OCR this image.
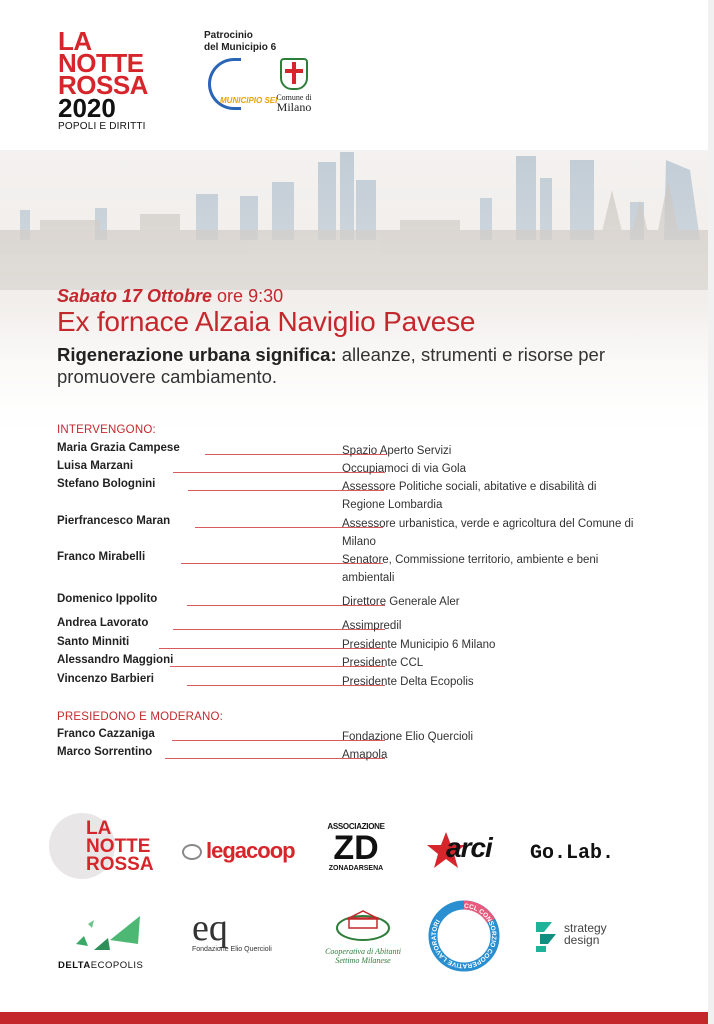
LA
NOTTE
ROSSA
2020
POPOLI E DIRITTI
Patrocinio
del Municipio 6
MUNICIPIO SEI
Comune di
Milano
Sabato 17 Ottobre ore 9:30
Ex fornace Alzaia Naviglio Pavese
Rigenerazione urbana significa: alleanze, strumenti e risorse per promuovere cambiamento.
INTERVENGONO:
Maria Grazia Campese	Spazio Aperto Servizi
Luisa Marzani	Occupiamoci di via Gola
Stefano Bolognini	Assessore Politiche sociali, abitative e disabilità di Regione Lombardia
Pierfrancesco Maran	Assessore urbanistica, verde e agricoltura del Comune di Milano
Franco Mirabelli	Senatore, Commissione territorio, ambiente e beni ambientali
Domenico Ippolito	Direttore Generale Aler
Andrea Lavorato	Assimpredil
Santo Minniti	Presidente Municipio 6 Milano
Alessandro Maggioni	Presidente CCL
Vincenzo Barbieri	Presidente Delta Ecopolis
PRESIEDONO E MODERANO:
Franco Cazzaniga	Fondazione Elio Quercioli
Marco Sorrentino	Amapola
LA
NOTTE
ROSSA
legacoop
ASSOCIAZIONE
ZD
ZONADARSENA
arci Go.Lab.
DELTAECOPOLIS
eq
Fondazione Elio Quercioli	Cooperativa di Abitanti
Settimo Milanese
CCL CONSORZIO COOPERATIVE LAVORATORI	strategy
design
